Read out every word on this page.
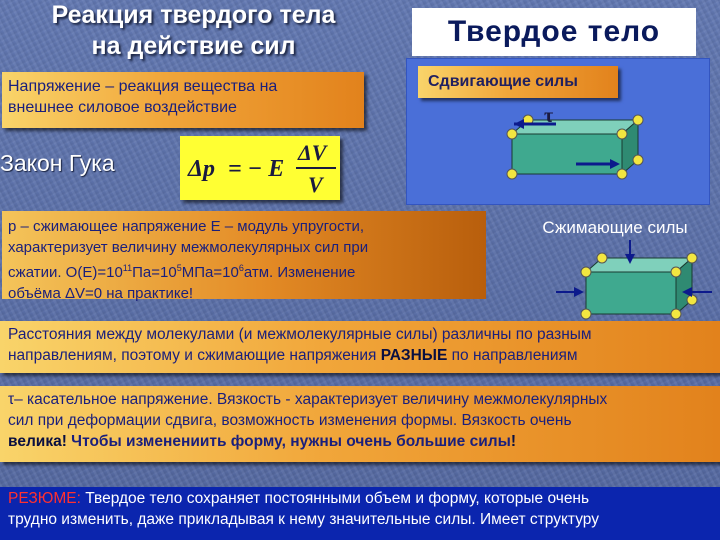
Реакция твердого тела
на действие сил	Твердое тело
Напряжение – реакция вещества на
внешнее силовое воздействие
Закон Гука	Δp = − E
ΔV
V
Сдвигающие силы
τ
p – сжимающее напряжение E – модуль упругости,
характеризует величину межмолекулярных сил при
сжатии. $O(E)=10^{11}Па=10^5МПа=10^6атм$. Изменение
объёма ΔV=0 на практике!
Сжимающие силы
Расстояния между молекулами (и межмолекулярные силы) различны по разным
направлениям, поэтому и сжимающие напряжения РАЗНЫЕ по направлениям
τ– касательное напряжение. Вязкость - характеризует величину межмолекулярных
сил при деформации сдвига, возможность изменения формы. Вязкость очень
велика! Чтобы изменениить форму, нужны очень большие силы!
РЕЗЮМЕ: Твердое тело сохраняет постоянными объем и форму, которые очень
трудно изменить, даже прикладывая к нему значительные силы. Имеет структуру
